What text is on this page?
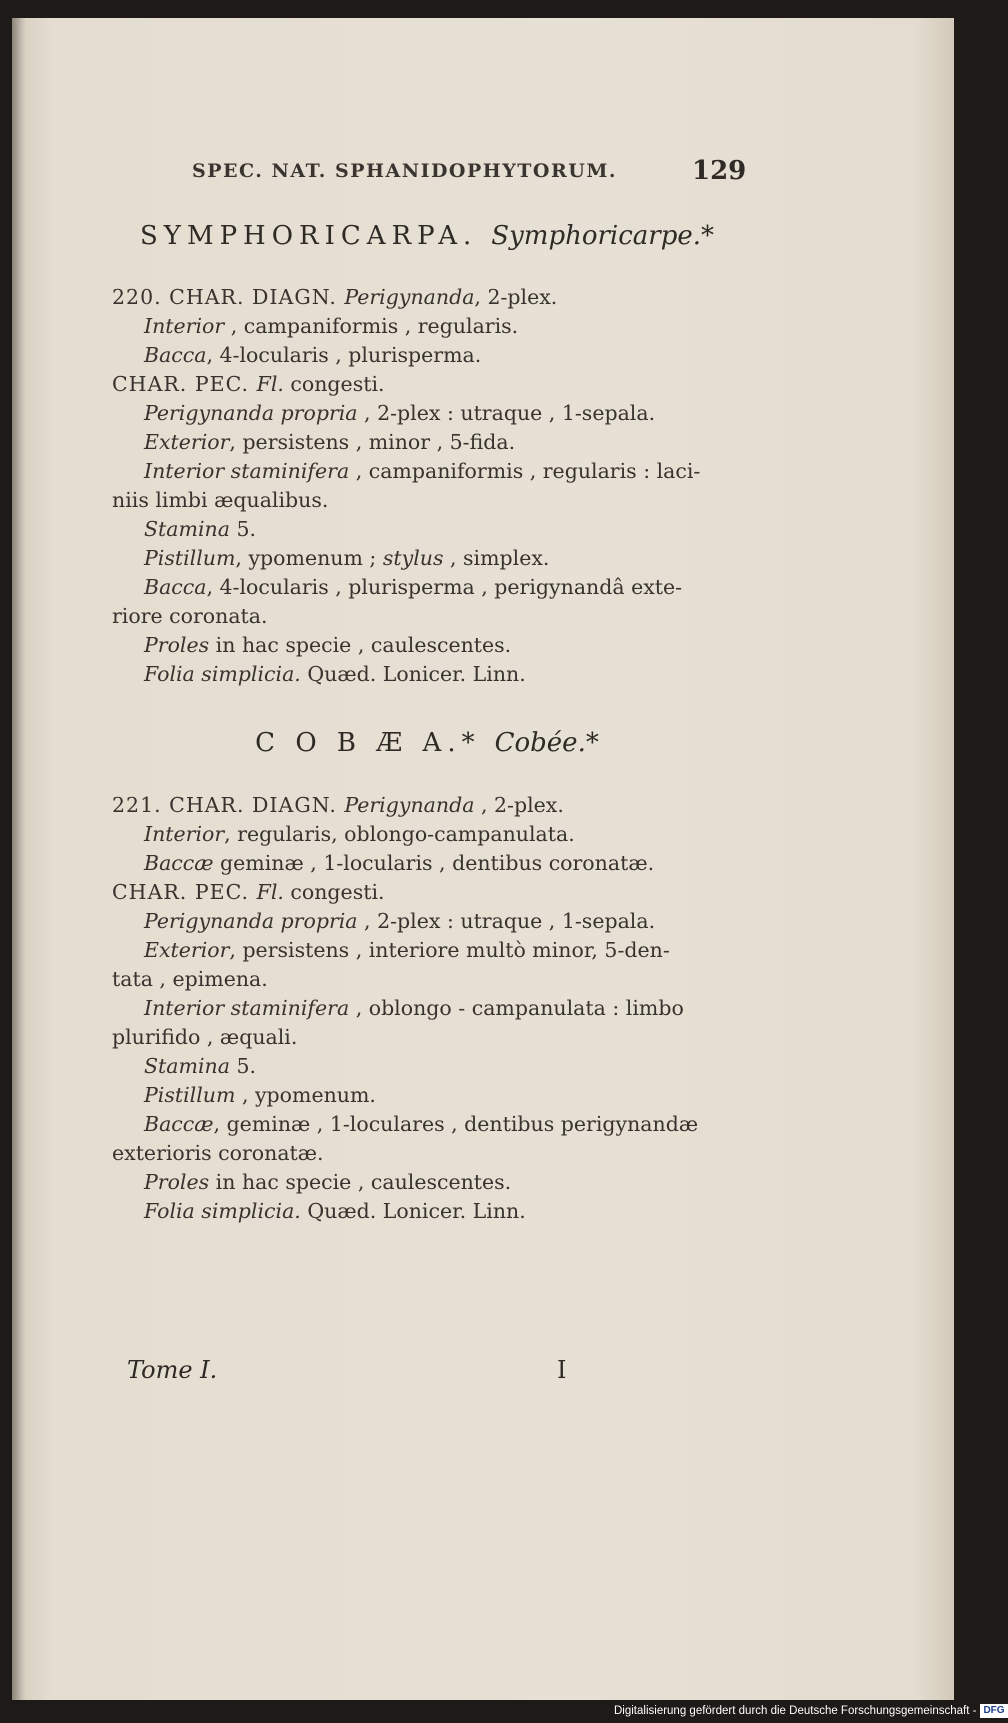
SPEC. NAT. SPHANIDOPHYTORUM.	129
SYMPHORICARPA. Symphoricarpe.*
220. CHAR. DIAGN. Perigynanda, 2-plex.
Interior , campaniformis , regularis.
Bacca, 4-locularis , plurisperma.
CHAR. PEC. Fl. congesti.
Perigynanda propria , 2-plex : utraque , 1-sepala.
Exterior, persistens , minor , 5-fida.
Interior staminifera , campaniformis , regularis : laci-
niis limbi æqualibus.
Stamina 5.
Pistillum, ypomenum ; stylus , simplex.
Bacca, 4-locularis , plurisperma , perigynandâ exte-
riore coronata.
Proles in hac specie , caulescentes.
Folia simplicia. Quæd. Lonicer. Linn.
C O B Æ A.* Cobée.*
221. CHAR. DIAGN. Perigynanda , 2-plex.
Interior, regularis, oblongo-campanulata.
Baccæ geminæ , 1-locularis , dentibus coronatæ.
CHAR. PEC. Fl. congesti.
Perigynanda propria , 2-plex : utraque , 1-sepala.
Exterior, persistens , interiore multò minor, 5-den-
tata , epimena.
Interior staminifera , oblongo - campanulata : limbo
plurifido , æquali.
Stamina 5.
Pistillum , ypomenum.
Baccæ, geminæ , 1-loculares , dentibus perigynandæ
exterioris coronatæ.
Proles in hac specie , caulescentes.
Folia simplicia. Quæd. Lonicer. Linn.
Tome I.	I
Digitalisierung gefördert durch die Deutsche Forschungsgemeinschaft - DFG
